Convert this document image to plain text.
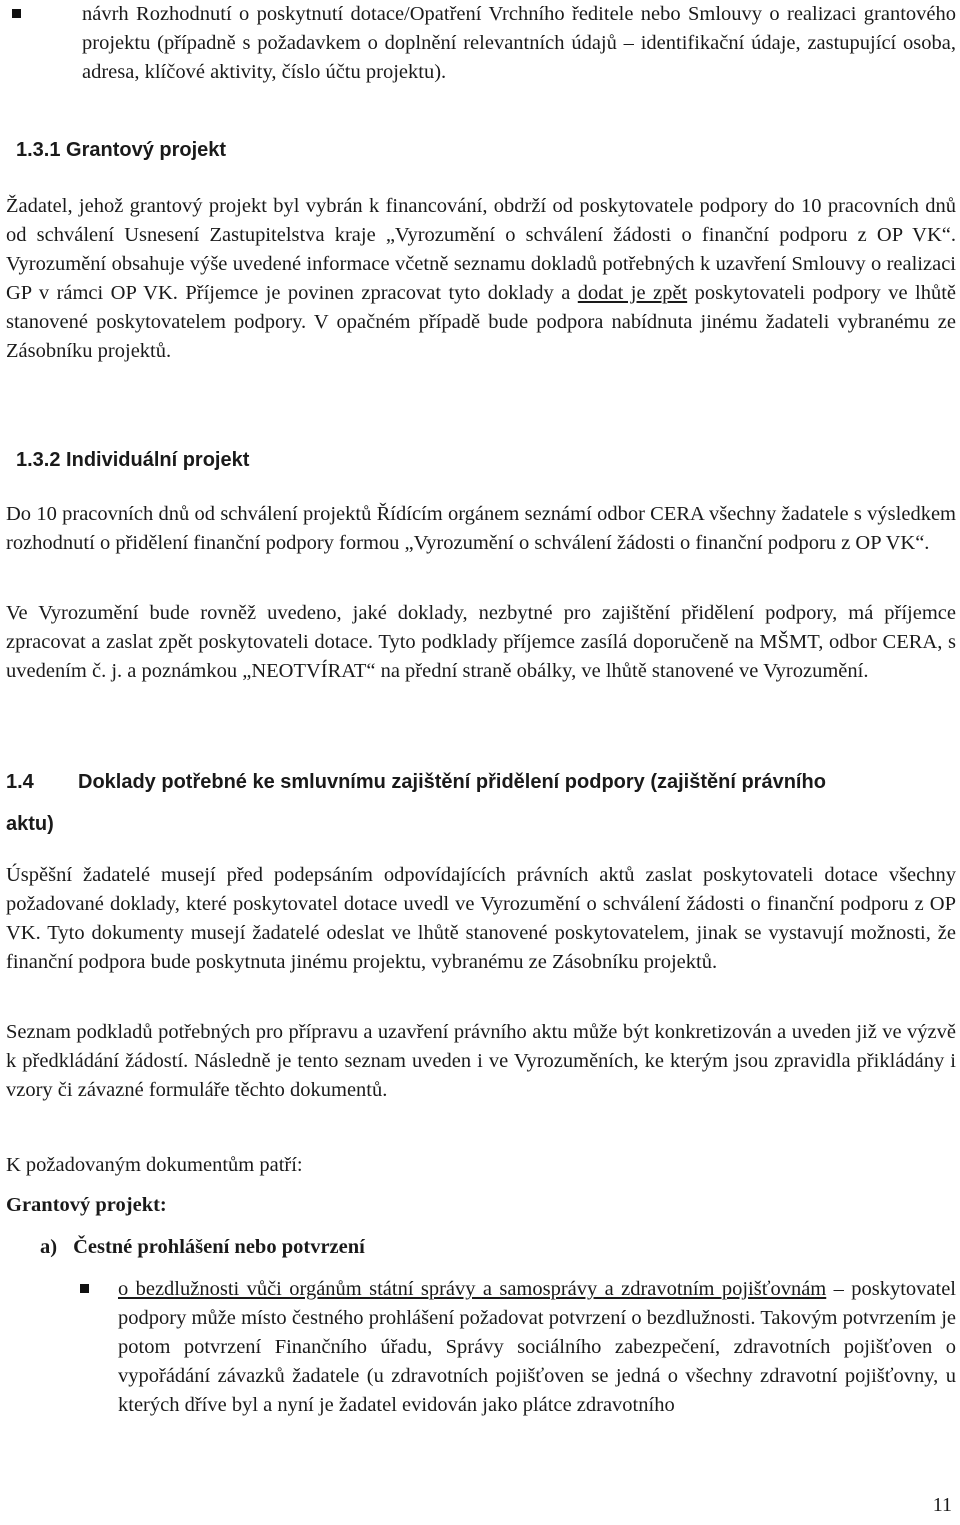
návrh Rozhodnutí o poskytnutí dotace/Opatření Vrchního ředitele nebo Smlouvy o realizaci grantového projektu (případně s požadavkem o doplnění relevantních údajů – identifikační údaje, zastupující osoba, adresa, klíčové aktivity, číslo účtu projektu).

1.3.1 Grantový projekt

Žadatel, jehož grantový projekt byl vybrán k financování, obdrží od poskytovatele podpory do 10 pracovních dnů od schválení Usnesení Zastupitelstva kraje „Vyrozumění o schválení žádosti o finanční podporu z OP VK“. Vyrozumění obsahuje výše uvedené informace včetně seznamu dokladů potřebných k uzavření Smlouvy o realizaci GP v rámci OP VK. Příjemce je povinen zpracovat tyto doklady a dodat je zpět poskytovateli podpory ve lhůtě stanovené poskytovatelem podpory. V opačném případě bude podpora nabídnuta jinému žadateli vybranému ze Zásobníku projektů.

1.3.2 Individuální projekt

Do 10 pracovních dnů od schválení projektů Řídícím orgánem seznámí odbor CERA všechny žadatele s výsledkem rozhodnutí o přidělení finanční podpory formou „Vyrozumění o schválení žádosti o finanční podporu z OP VK“.

Ve Vyrozumění bude rovněž uvedeno, jaké doklady, nezbytné pro zajištění přidělení podpory, má příjemce zpracovat a zaslat zpět poskytovateli dotace. Tyto podklady příjemce zasílá doporučeně na MŠMT, odbor CERA, s uvedením č. j. a poznámkou „NEOTVÍRAT“ na přední straně obálky, ve lhůtě stanovené ve Vyrozumění.

1.4 Doklady potřebné ke smluvnímu zajištění přidělení podpory (zajištění právního
aktu)

Úspěšní žadatelé musejí před podepsáním odpovídajících právních aktů zaslat poskytovateli dotace všechny požadované doklady, které poskytovatel dotace uvedl ve Vyrozumění o schválení žádosti o finanční podporu z OP VK. Tyto dokumenty musejí žadatelé odeslat ve lhůtě stanovené poskytovatelem, jinak se vystavují možnosti, že finanční podpora bude poskytnuta jinému projektu, vybranému ze Zásobníku projektů.

Seznam podkladů potřebných pro přípravu a uzavření právního aktu může být konkretizován a uveden již ve výzvě k předkládání žádostí. Následně je tento seznam uveden i ve Vyrozuměních, ke kterým jsou zpravidla přikládány i vzory či závazné formuláře těchto dokumentů.

K požadovaným dokumentům patří:

Grantový projekt:

a) Čestné prohlášení nebo potvrzení

o bezdlužnosti vůči orgánům státní správy a samosprávy a zdravotním pojišťovnám – poskytovatel podpory může místo čestného prohlášení požadovat potvrzení o bezdlužnosti. Takovým potvrzením je potom potvrzení Finančního úřadu, Správy sociálního zabezpečení, zdravotních pojišťoven o vypořádání závazků žadatele (u zdravotních pojišťoven se jedná o všechny zdravotní pojišťovny, u kterých dříve byl a nyní je žadatel evidován jako plátce zdravotního

11
